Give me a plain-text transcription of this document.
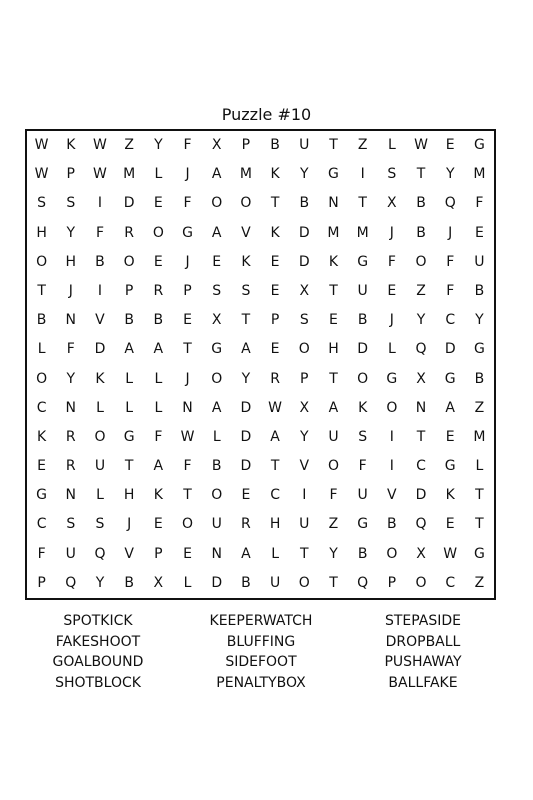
Puzzle #10
W	K	W	Z	Y	F	X	P	B	U	T	Z	L	W	E	G
W	P	W	M	L	J	A	M	K	Y	G	I	S	T	Y	M
S	S	I	D	E	F	O	O	T	B	N	T	X	B	Q	F
H	Y	F	R	O	G	A	V	K	D	M	M	J	B	J	E
O	H	B	O	E	J	E	K	E	D	K	G	F	O	F	U
T	J	I	P	R	P	S	S	E	X	T	U	E	Z	F	B
B	N	V	B	B	E	X	T	P	S	E	B	J	Y	C	Y
L	F	D	A	A	T	G	A	E	O	H	D	L	Q	D	G
O	Y	K	L	L	J	O	Y	R	P	T	O	G	X	G	B
C	N	L	L	L	N	A	D	W	X	A	K	O	N	A	Z
K	R	O	G	F	W	L	D	A	Y	U	S	I	T	E	M
E	R	U	T	A	F	B	D	T	V	O	F	I	C	G	L
G	N	L	H	K	T	O	E	C	I	F	U	V	D	K	T
C	S	S	J	E	O	U	R	H	U	Z	G	B	Q	E	T
F	U	Q	V	P	E	N	A	L	T	Y	B	O	X	W	G
P	Q	Y	B	X	L	D	B	U	O	T	Q	P	O	C	Z
SPOTKICK
FAKESHOOT
GOALBOUND
SHOTBLOCK
KEEPERWATCH
BLUFFING
SIDEFOOT
PENALTYBOX
STEPASIDE
DROPBALL
PUSHAWAY
BALLFAKE
